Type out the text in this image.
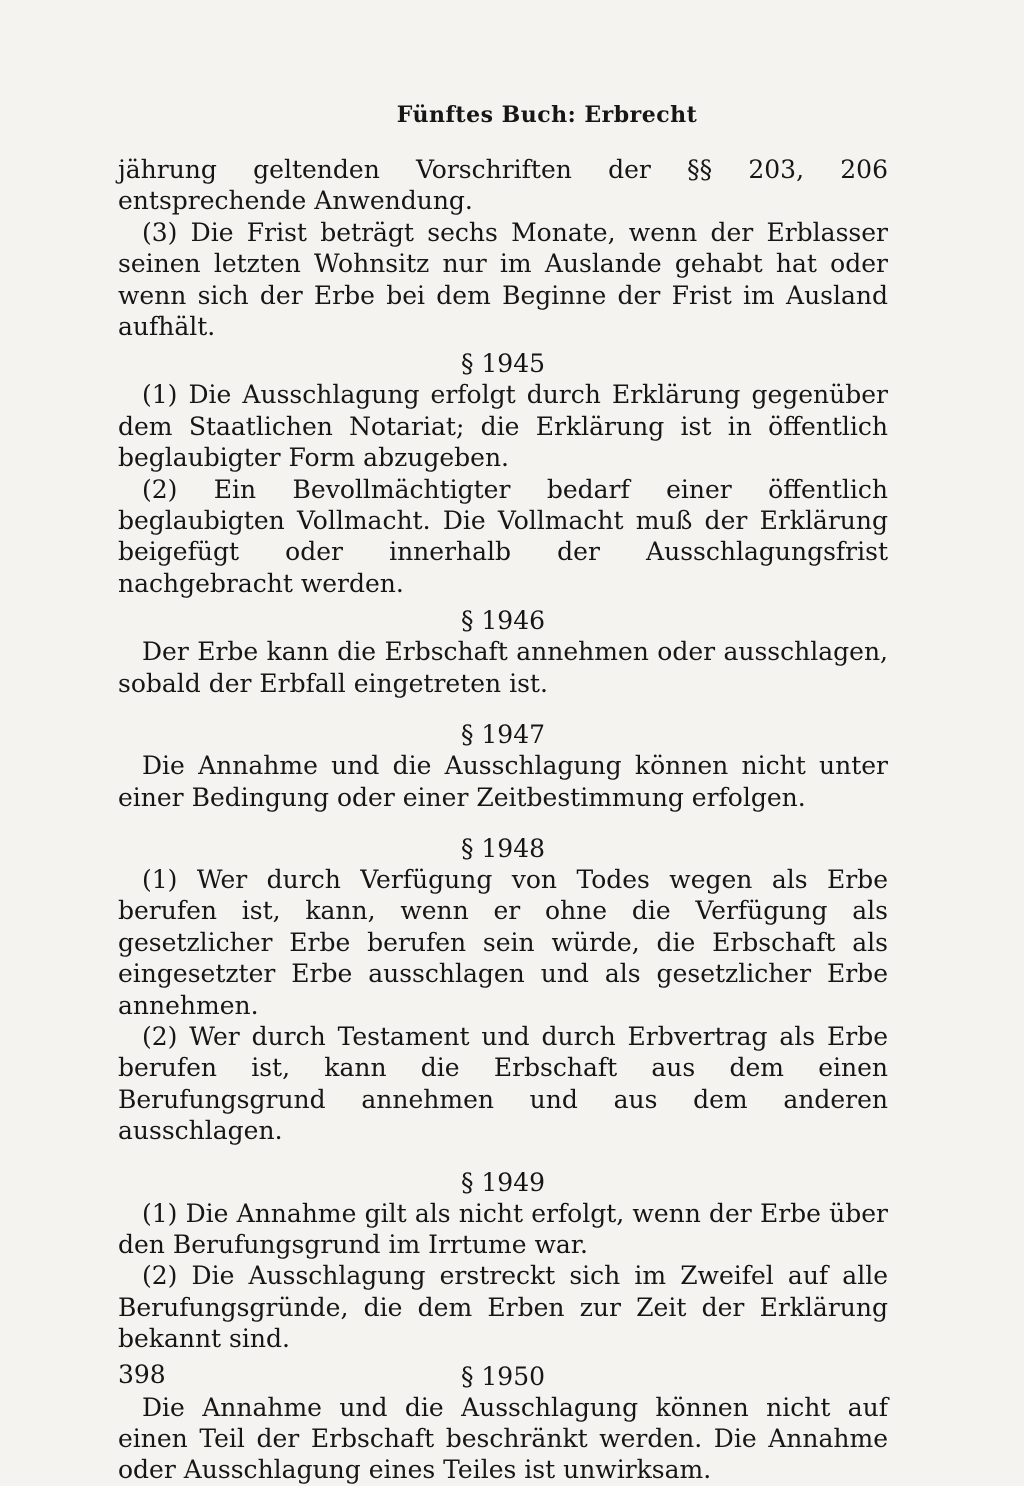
Fünftes Buch: Erbrecht

jährung geltenden Vorschriften der §§ 203, 206 entsprechende Anwendung.

(3) Die Frist beträgt sechs Monate, wenn der Erblasser seinen letzten Wohnsitz nur im Auslande gehabt hat oder wenn sich der Erbe bei dem Beginne der Frist im Ausland aufhält.

§ 1945

(1) Die Ausschlagung erfolgt durch Erklärung gegenüber dem Staatlichen Notariat; die Erklärung ist in öffentlich beglaubigter Form abzugeben.

(2) Ein Bevollmächtigter bedarf einer öffentlich beglaubigten Vollmacht. Die Vollmacht muß der Erklärung beigefügt oder innerhalb der Ausschlagungsfrist nachgebracht werden.

§ 1946

Der Erbe kann die Erbschaft annehmen oder ausschlagen, sobald der Erbfall eingetreten ist.

§ 1947

Die Annahme und die Ausschlagung können nicht unter einer Bedingung oder einer Zeitbestimmung erfolgen.

§ 1948

(1) Wer durch Verfügung von Todes wegen als Erbe berufen ist, kann, wenn er ohne die Verfügung als gesetzlicher Erbe berufen sein würde, die Erbschaft als eingesetzter Erbe ausschlagen und als gesetzlicher Erbe annehmen.

(2) Wer durch Testament und durch Erbvertrag als Erbe berufen ist, kann die Erbschaft aus dem einen Berufungsgrund annehmen und aus dem anderen ausschlagen.

§ 1949

(1) Die Annahme gilt als nicht erfolgt, wenn der Erbe über den Berufungsgrund im Irrtume war.

(2) Die Ausschlagung erstreckt sich im Zweifel auf alle Berufungsgründe, die dem Erben zur Zeit der Erklärung bekannt sind.

§ 1950

Die Annahme und die Ausschlagung können nicht auf einen Teil der Erbschaft beschränkt werden. Die Annahme oder Ausschlagung eines Teiles ist unwirksam.

398
